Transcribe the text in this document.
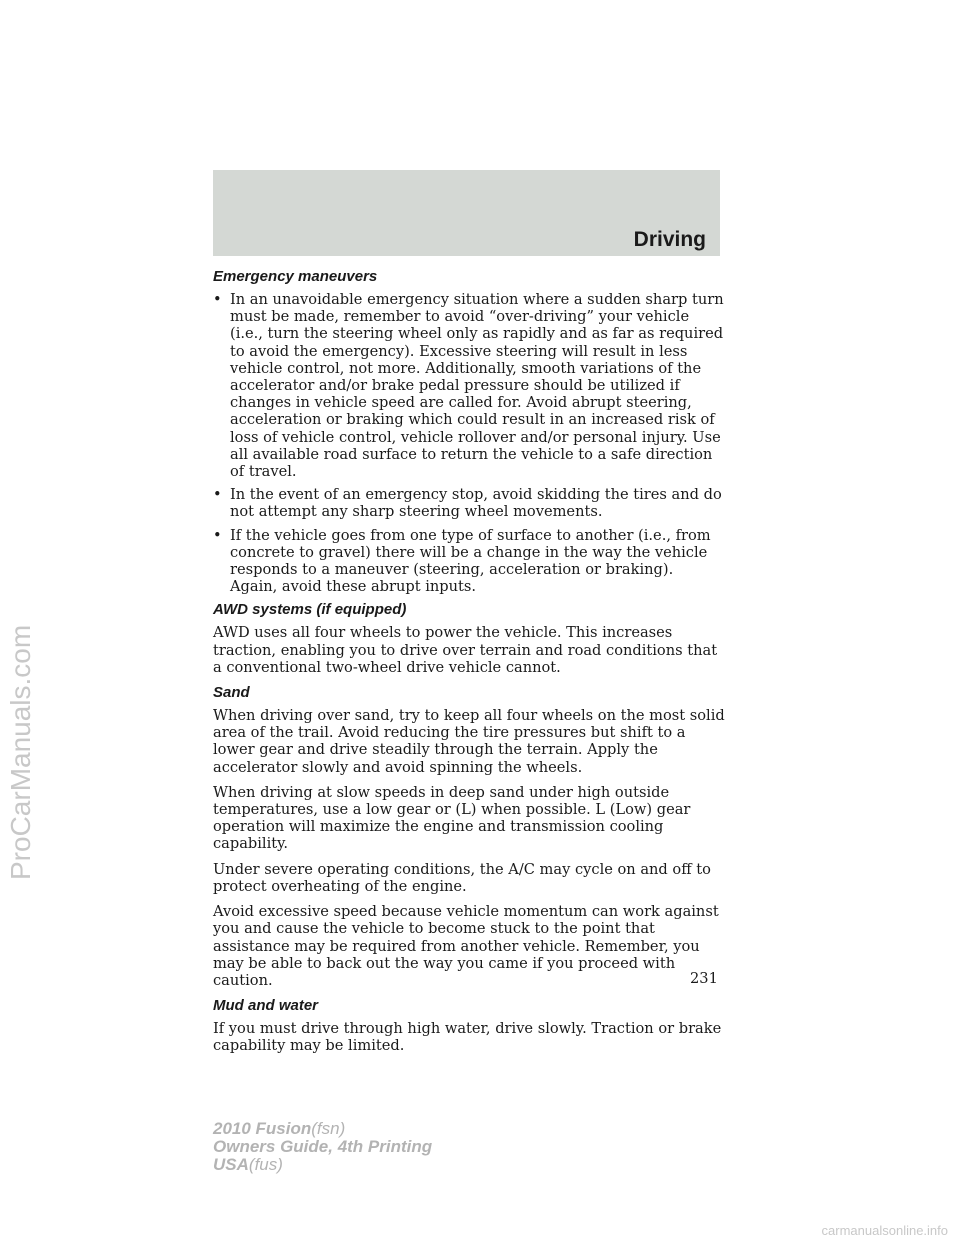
Driving
Emergency maneuvers
• In an unavoidable emergency situation where a sudden sharp turn must be made, remember to avoid “over-driving” your vehicle (i.e., turn the steering wheel only as rapidly and as far as required to avoid the emergency). Excessive steering will result in less vehicle control, not more. Additionally, smooth variations of the accelerator and/or brake pedal pressure should be utilized if changes in vehicle speed are called for. Avoid abrupt steering, acceleration or braking which could result in an increased risk of loss of vehicle control, vehicle rollover and/or personal injury. Use all available road surface to return the vehicle to a safe direction of travel.
• In the event of an emergency stop, avoid skidding the tires and do not attempt any sharp steering wheel movements.
• If the vehicle goes from one type of surface to another (i.e., from concrete to gravel) there will be a change in the way the vehicle responds to a maneuver (steering, acceleration or braking). Again, avoid these abrupt inputs.
AWD systems (if equipped)

AWD uses all four wheels to power the vehicle. This increases traction, enabling you to drive over terrain and road conditions that a conventional two-wheel drive vehicle cannot.

Sand

When driving over sand, try to keep all four wheels on the most solid area of the trail. Avoid reducing the tire pressures but shift to a lower gear and drive steadily through the terrain. Apply the accelerator slowly and avoid spinning the wheels.

When driving at slow speeds in deep sand under high outside temperatures, use a low gear or (L) when possible. L (Low) gear operation will maximize the engine and transmission cooling capability.

Under severe operating conditions, the A/C may cycle on and off to protect overheating of the engine.

Avoid excessive speed because vehicle momentum can work against you and cause the vehicle to become stuck to the point that assistance may be required from another vehicle. Remember, you may be able to back out the way you came if you proceed with caution.

Mud and water

If you must drive through high water, drive slowly. Traction or brake capability may be limited.

231
2010 Fusion(fsn)
Owners Guide, 4th Printing
USA(fus)
ProCarManuals.com
carmanualsonline.info
